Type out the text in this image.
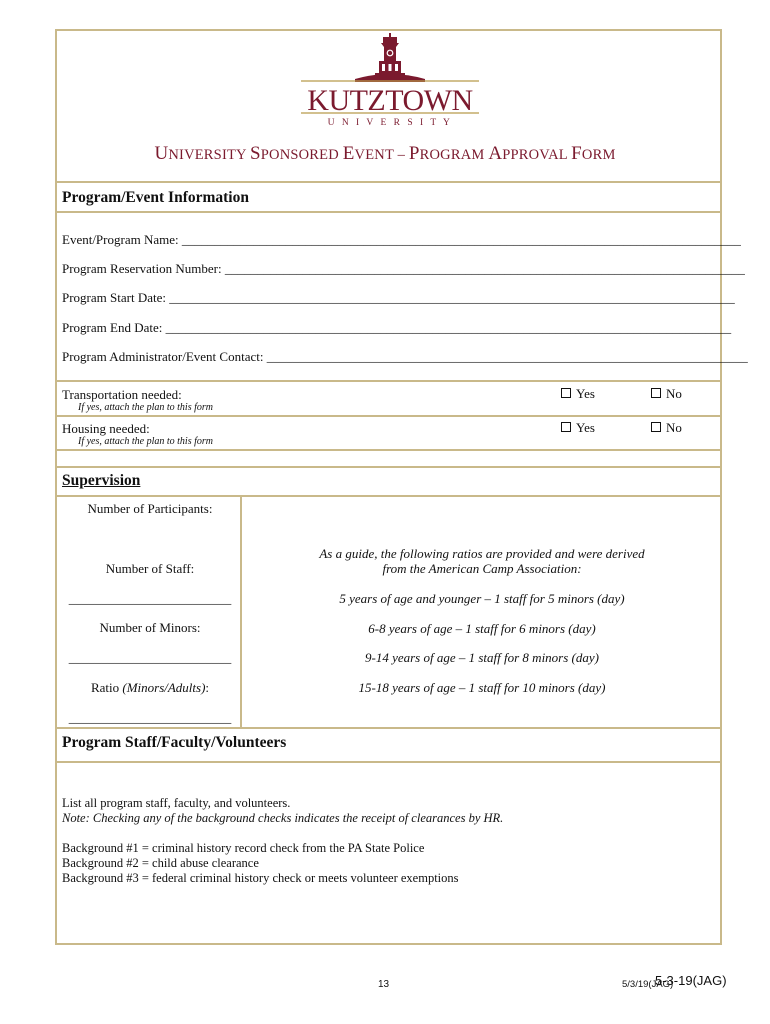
KUTZTOWN
U N I V E R S I T Y
UNIVERSITY SPONSORED EVENT – PROGRAM APPROVAL FORM
Program/Event Information
Event/Program Name: ______________________________________________________________________________________
Program Reservation Number: ________________________________________________________________________________
Program Start Date: _______________________________________________________________________________________
Program End Date: _______________________________________________________________________________________
Program Administrator/Event Contact: __________________________________________________________________________
Transportation needed:
If yes, attach the plan to this form
Yes	No
Housing needed:
If yes, attach the plan to this form
Yes	No
Supervision
Number of Participants:
Number of Staff:
_________________________
Number of Minors:
_________________________
Ratio (Minors/Adults):
_________________________
As a guide, the following ratios are provided and were derived
from the American Camp Association:
5 years of age and younger – 1 staff for 5 minors (day)
6-8 years of age – 1 staff for 6 minors (day)
9-14 years of age – 1 staff for 8 minors (day)
15-18 years of age – 1 staff for 10 minors (day)
Program Staff/Faculty/Volunteers
List all program staff, faculty, and volunteers.
Note: Checking any of the background checks indicates the receipt of clearances by HR.
Background #1 = criminal history record check from the PA State Police
Background #2 = child abuse clearance
Background #3 = federal criminal history check or meets volunteer exemptions
13	5/3/19(JAG)
5-3-19(JAG)
